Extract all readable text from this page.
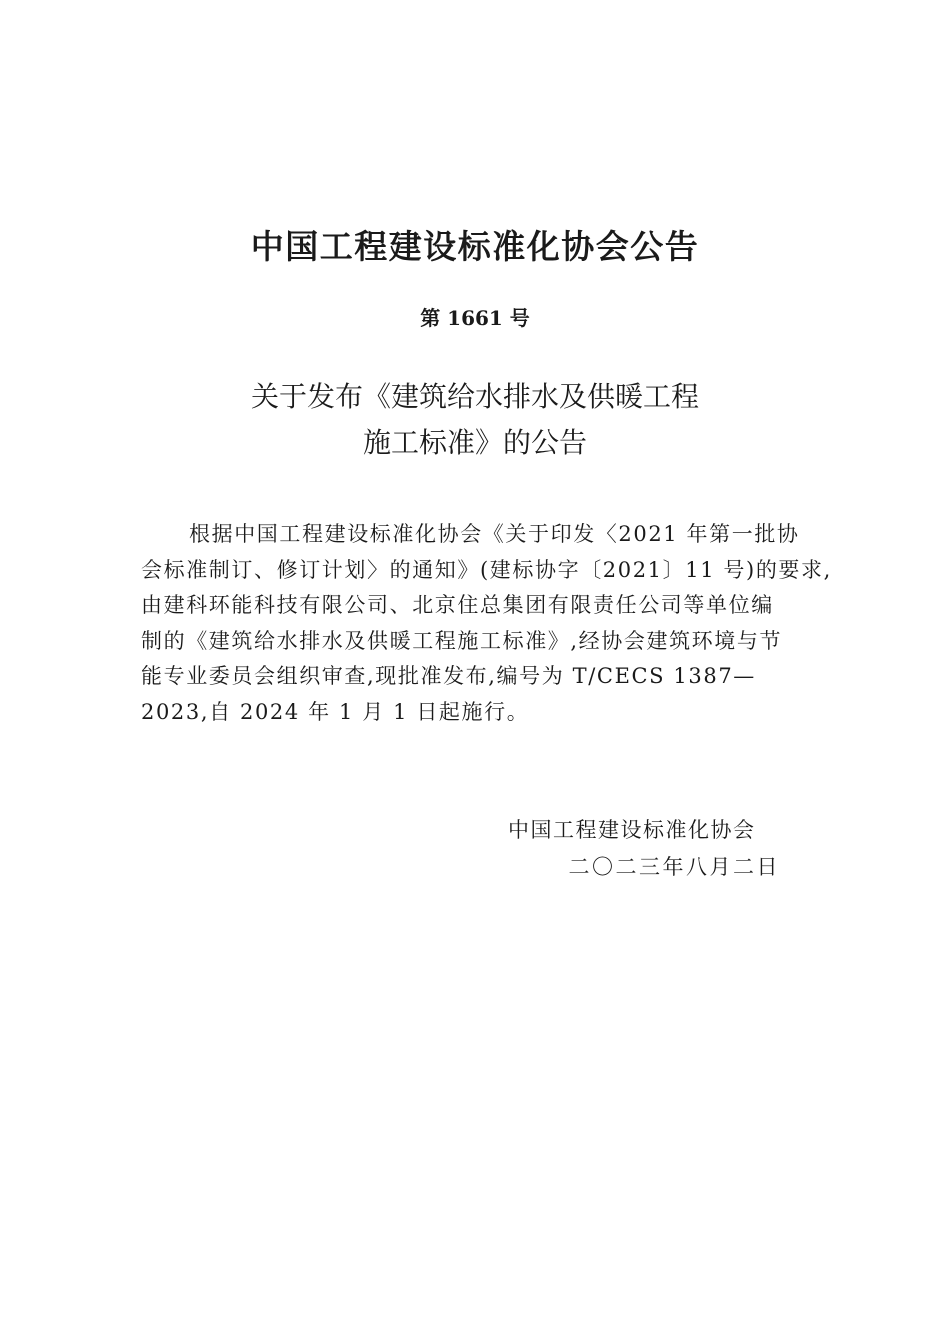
中国工程建设标准化协会公告
第 1661 号
关于发布《建筑给水排水及供暖工程
施工标准》的公告
根据中国工程建设标准化协会《关于印发〈2021 年第一批协
会标准制订、修订计划〉的通知》(建标协字〔2021〕11 号)的要求,
由建科环能科技有限公司、北京住总集团有限责任公司等单位编
制的《建筑给水排水及供暖工程施工标准》,经协会建筑环境与节
能专业委员会组织审查,现批准发布,编号为 T/CECS 1387—
2023,自 2024 年 1 月 1 日起施行。
中国工程建设标准化协会
二〇二三年八月二日
